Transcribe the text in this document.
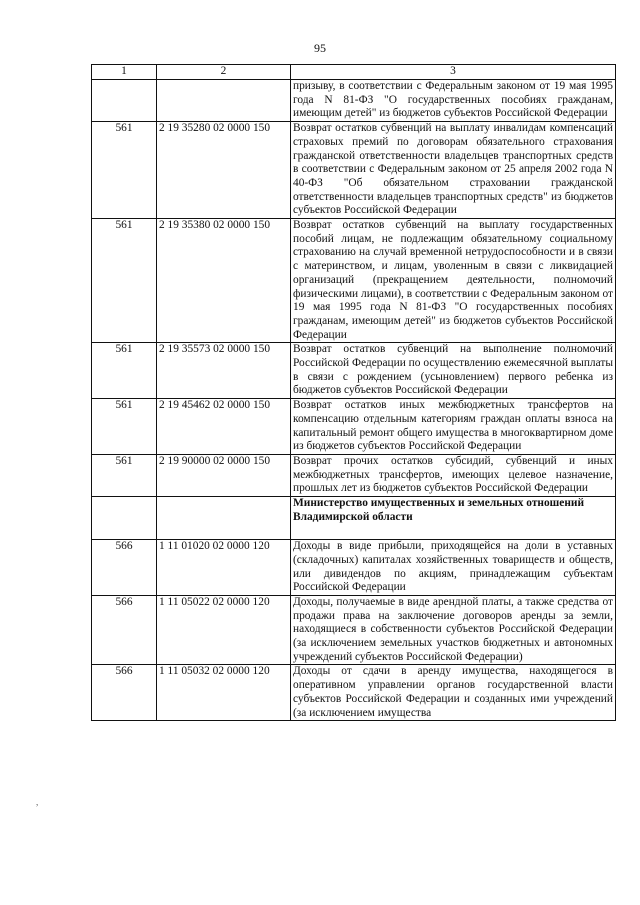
95
1	2	3
		призыву, в соответствии с Федеральным законом от 19 мая 1995 года N 81-ФЗ "О государственных пособиях гражданам, имеющим детей" из бюджетов субъектов Российской Федерации
561	2 19 35280 02 0000 150	Возврат остатков субвенций на выплату инвалидам компенсаций страховых премий по договорам обязательного страхования гражданской ответственности владельцев транспортных средств в соответствии с Федеральным законом от 25 апреля 2002 года N 40-ФЗ "Об обязательном страховании гражданской ответственности владельцев транспортных средств" из бюджетов субъектов Российской Федерации
561	2 19 35380 02 0000 150	Возврат остатков субвенций на выплату государственных пособий лицам, не подлежащим обязательному социальному страхованию на случай временной нетрудоспособности и в связи с материнством, и лицам, уволенным в связи с ликвидацией организаций (прекращением деятельности, полномочий физическими лицами), в соответствии с Федеральным законом от 19 мая 1995 года N 81-ФЗ "О государственных пособиях гражданам, имеющим детей" из бюджетов субъектов Российской Федерации
561	2 19 35573 02 0000 150	Возврат остатков субвенций на выполнение полномочий Российской Федерации по осуществлению ежемесячной выплаты в связи с рождением (усыновлением) первого ребенка из бюджетов субъектов Российской Федерации
561	2 19 45462 02 0000 150	Возврат остатков иных межбюджетных трансфертов на компенсацию отдельным категориям граждан оплаты взноса на капитальный ремонт общего имущества в многоквартирном доме из бюджетов субъектов Российской Федерации
561	2 19 90000 02 0000 150	Возврат прочих остатков субсидий, субвенций и иных межбюджетных трансфертов, имеющих целевое назначение, прошлых лет из бюджетов субъектов Российской Федерации
		Министерство имущественных и земельных отношений Владимирской области
566	1 11 01020 02 0000 120	Доходы в виде прибыли, приходящейся на доли в уставных (складочных) капиталах хозяйственных товариществ и обществ, или дивидендов по акциям, принадлежащим субъектам Российской Федерации
566	1 11 05022 02 0000 120	Доходы, получаемые в виде арендной платы, а также средства от продажи права на заключение договоров аренды за земли, находящиеся в собственности субъектов Российской Федерации (за исключением земельных участков бюджетных и автономных учреждений субъектов Российской Федерации)
566	1 11 05032 02 0000 120	Доходы от сдачи в аренду имущества, находящегося в оперативном управлении органов государственной власти субъектов Российской Федерации и созданных ими учреждений (за исключением имущества
,
